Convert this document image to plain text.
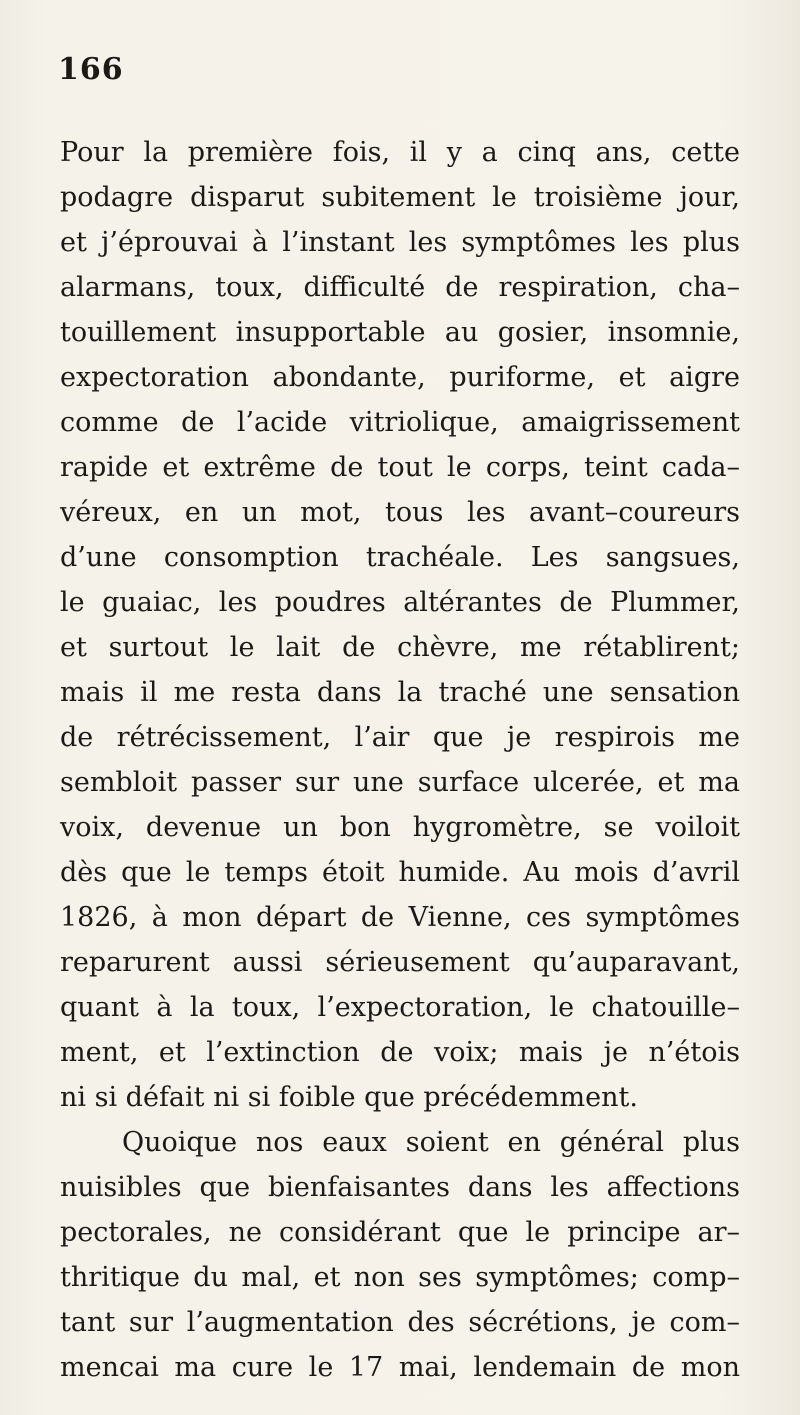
166
Pour la première fois, il y a cinq ans, cette
podagre disparut subitement le troisième jour,
et j’éprouvai à l’instant les symptômes les plus
alarmans, toux, difficulté de respiration, cha–
touillement insupportable au gosier, insomnie,
expectoration abondante, puriforme, et aigre
comme de l’acide vitriolique, amaigrissement
rapide et extrême de tout le corps, teint cada–
véreux, en un mot, tous les avant–coureurs
d’une consomption trachéale. Les sangsues,
le guaiac, les poudres altérantes de Plummer,
et surtout le lait de chèvre, me rétablirent;
mais il me resta dans la traché une sensation
de rétrécissement, l’air que je respirois me
sembloit passer sur une surface ulcerée, et ma
voix, devenue un bon hygromètre, se voiloit
dès que le temps étoit humide. Au mois d’avril
1826, à mon départ de Vienne, ces symptômes
reparurent aussi sérieusement qu’auparavant,
quant à la toux, l’expectoration, le chatouille–
ment, et l’extinction de voix; mais je n’étois
ni si défait ni si foible que précédemment.
Quoique nos eaux soient en général plus
nuisibles que bienfaisantes dans les affections
pectorales, ne considérant que le principe ar–
thritique du mal, et non ses symptômes; comp–
tant sur l’augmentation des sécrétions, je com–
mencai ma cure le 17 mai, lendemain de mon
